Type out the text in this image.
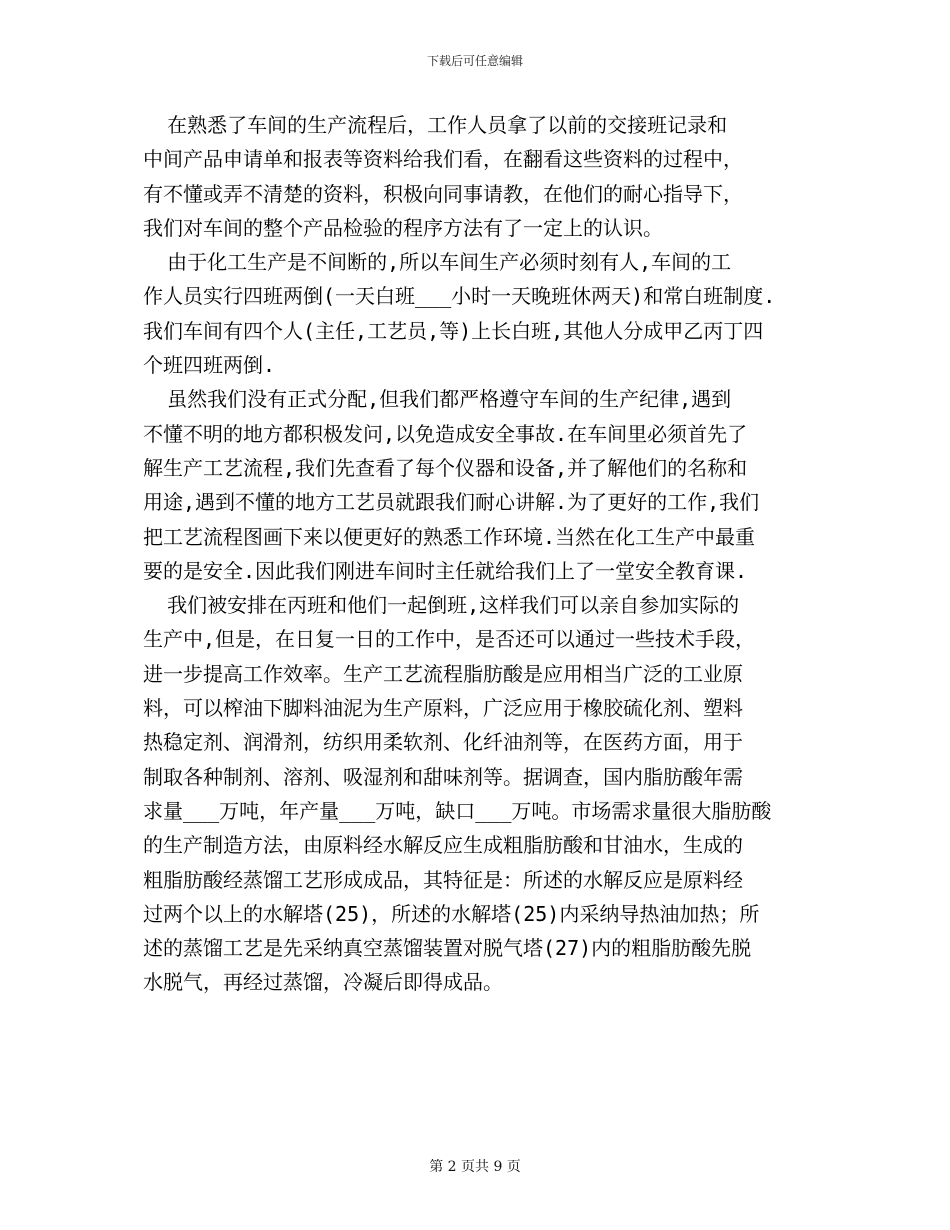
下载后可任意编辑
在熟悉了车间的生产流程后，工作人员拿了以前的交接班记录和
中间产品申请单和报表等资料给我们看，在翻看这些资料的过程中，
有不懂或弄不清楚的资料，积极向同事请教，在他们的耐心指导下，
我们对车间的整个产品检验的程序方法有了一定上的认识。
由于化工生产是不间断的,所以车间生产必须时刻有人,车间的工
作人员实行四班两倒(一天白班___小时一天晚班休两天)和常白班制度.
我们车间有四个人(主任,工艺员,等)上长白班,其他人分成甲乙丙丁四
个班四班两倒.
虽然我们没有正式分配,但我们都严格遵守车间的生产纪律,遇到
不懂不明的地方都积极发问,以免造成安全事故.在车间里必须首先了
解生产工艺流程,我们先查看了每个仪器和设备,并了解他们的名称和
用途,遇到不懂的地方工艺员就跟我们耐心讲解.为了更好的工作,我们
把工艺流程图画下来以便更好的熟悉工作环境.当然在化工生产中最重
要的是安全.因此我们刚进车间时主任就给我们上了一堂安全教育课.
我们被安排在丙班和他们一起倒班,这样我们可以亲自参加实际的
生产中,但是，在日复一日的工作中，是否还可以通过一些技术手段，
进一步提高工作效率。生产工艺流程脂肪酸是应用相当广泛的工业原
料，可以榨油下脚料油泥为生产原料，广泛应用于橡胶硫化剂、塑料
热稳定剂、润滑剂，纺织用柔软剂、化纤油剂等，在医药方面，用于
制取各种制剂、溶剂、吸湿剂和甜味剂等。据调查，国内脂肪酸年需
求量___万吨，年产量___万吨，缺口___万吨。市场需求量很大脂肪酸
的生产制造方法，由原料经水解反应生成粗脂肪酸和甘油水，生成的
粗脂肪酸经蒸馏工艺形成成品，其特征是：所述的水解反应是原料经
过两个以上的水解塔(25)，所述的水解塔(25)内采纳导热油加热；所
述的蒸馏工艺是先采纳真空蒸馏装置对脱气塔(27)内的粗脂肪酸先脱
水脱气，再经过蒸馏，冷凝后即得成品。
第 2 页共 9 页
